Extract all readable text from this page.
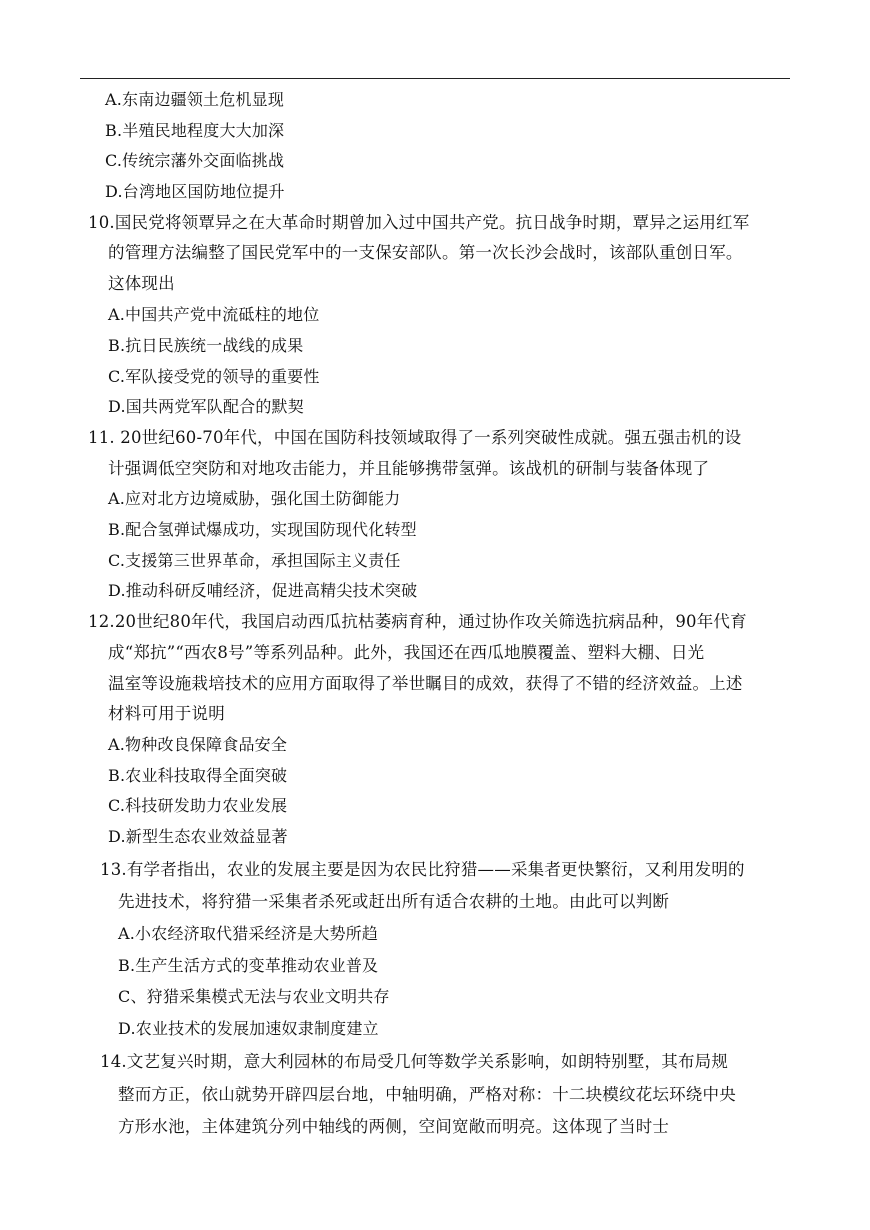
A.东南边疆领土危机显现
B.半殖民地程度大大加深
C.传统宗藩外交面临挑战
D.台湾地区国防地位提升
10.国民党将领覃异之在大革命时期曾加入过中国共产党。抗日战争时期，覃异之运用红军
的管理方法编整了国民党军中的一支保安部队。第一次长沙会战时，该部队重创日军。
这体现出
A.中国共产党中流砥柱的地位
B.抗日民族统一战线的成果
C.军队接受党的领导的重要性
D.国共两党军队配合的默契
11. 20世纪60-70年代，中国在国防科技领域取得了一系列突破性成就。强五强击机的设
计强调低空突防和对地攻击能力，并且能够携带氢弹。该战机的研制与装备体现了
A.应对北方边境威胁，强化国土防御能力
B.配合氢弹试爆成功，实现国防现代化转型
C.支援第三世界革命，承担国际主义责任
D.推动科研反哺经济，促进高精尖技术突破
12.20世纪80年代，我国启动西瓜抗枯萎病育种，通过协作攻关筛选抗病品种，90年代育
成“郑抗”“西农8号”等系列品种。此外，我国还在西瓜地膜覆盖、塑料大棚、日光
温室等设施栽培技术的应用方面取得了举世瞩目的成效，获得了不错的经济效益。上述
材料可用于说明
A.物种改良保障食品安全
B.农业科技取得全面突破
C.科技研发助力农业发展
D.新型生态农业效益显著
13.有学者指出，农业的发展主要是因为农民比狩猎——采集者更快繁衍，又利用发明的
先进技术，将狩猎一采集者杀死或赶出所有适合农耕的土地。由此可以判断
A.小农经济取代猎采经济是大势所趋
B.生产生活方式的变革推动农业普及
C、狩猎采集模式无法与农业文明共存
D.农业技术的发展加速奴隶制度建立
14.文艺复兴时期，意大利园林的布局受几何等数学关系影响，如朗特别墅，其布局规
整而方正，依山就势开辟四层台地，中轴明确，严格对称：十二块模纹花坛环绕中央
方形水池，主体建筑分列中轴线的两侧，空间宽敞而明亮。这体现了当时士
